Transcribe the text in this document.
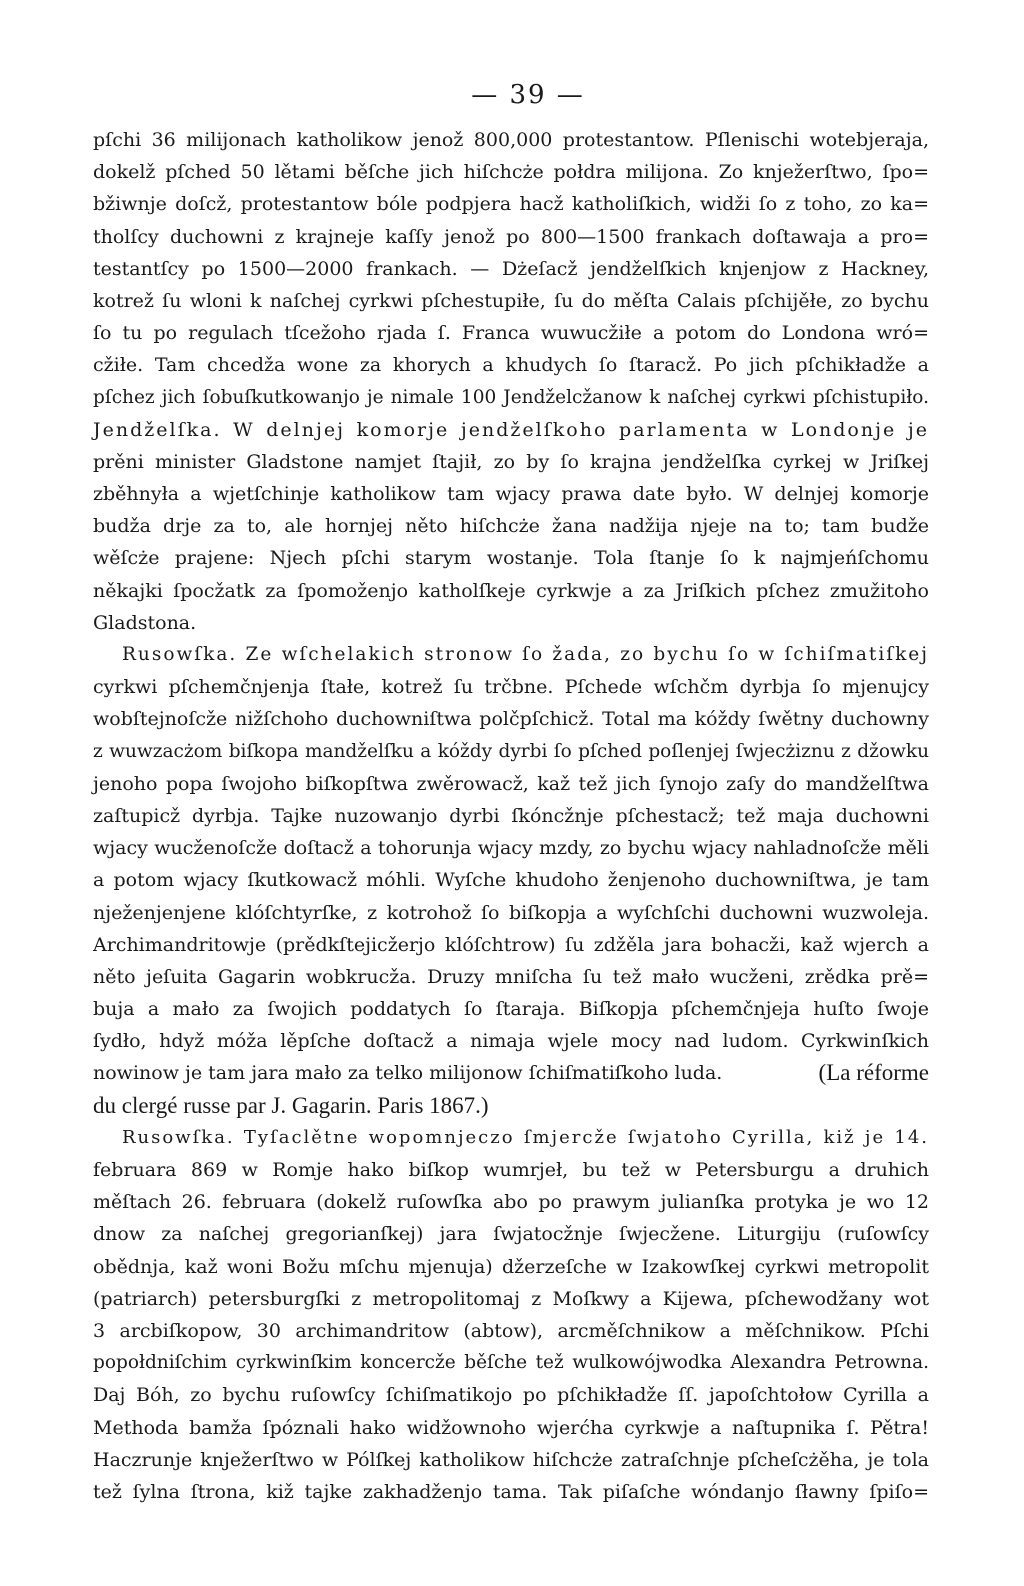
— 39 —
pſchi 36 milijonach katholikow jenož 800,000 protestantow. Pſlenischi wotebjeraja,
dokelž pſched 50 lětami běſche jich hiſchcże połdra milijona. Zo knježerſtwo, ſpo=
bžiwnje doſcž, protestantow bóle podpjera hacž katholiſkich, widži ſo z toho, zo ka=
tholſcy duchowni z krajneje kaſſy jenož po 800—1500 frankach doſtawaja a pro=
testantſcy po 1500—2000 frankach. — Dżeſacž jendželſkich knjenjow z Hackney,
kotrež ſu wloni k naſchej cyrkwi pſchestupiłe, ſu do měſta Calais pſchijěłe, zo bychu
ſo tu po regulach tſcežoho rjada ſ. Franca wuwucžiłe a potom do Londona wró=
cžiłe. Tam chcedža wone za khorych a khudych ſo ſtaracž. Po jich pſchikładže a
pſchez jich ſobuſkutkowanjo je nimale 100 Jendželcžanow k naſchej cyrkwi pſchistupiło.
Jendželſka. W delnjej komorje jendželſkoho parlamenta w Londonje je
prěni minister Gladstone namjet ſtajił, zo by ſo krajna jendželſka cyrkej w Jriſkej
zběhnyła a wjetſchinje katholikow tam wjacy prawa date było. W delnjej komorje
budža drje za to, ale hornjej něto hiſchcże žana nadžija njeje na to; tam budže
wěſcże prajene: Njech pſchi starym wostanje. Tola ſtanje ſo k najmjeńſchomu
někajki ſpocžatk za ſpomoženjo katholſkeje cyrkwje a za Jriſkich pſchez zmužitoho
Gladstona.
Rusowſka. Ze wſchelakich stronow ſo žada, zo bychu ſo w ſchiſmatiſkej
cyrkwi pſchemčnjenja ſtałe, kotrež ſu trčbne. Pſchede wſchčm dyrbja ſo mjenujcy
wobſtejnoſcže nižſchoho duchowniſtwa polčpſchicž. Total ma kóždy ſwětny duchowny
z wuwzacżom biſkopa mandželſku a kóždy dyrbi ſo pſched poſlenjej ſwjecżiznu z džowku
jenoho popa ſwojoho biſkopſtwa zwěrowacž, kaž tež jich ſynojo zaſy do mandželſtwa
zaſtupicž dyrbja. Tajke nuzowanjo dyrbi ſkóncžnje pſchestacž; tež maja duchowni
wjacy wucženoſcže doſtacž a tohorunja wjacy mzdy, zo bychu wjacy nahladnoſcže měli
a potom wjacy ſkutkowacž móhli. Wyſche khudoho ženjenoho duchowniſtwa, je tam
nježenjenjene klóſchtyrſke, z kotrohož ſo biſkopja a wyſchſchi duchowni wuzwoleja.
Archimandritowje (prědkſtejicžerjo klóſchtrow) ſu zdžěla jara bohacži, kaž wjerch a
něto jeſuita Gagarin wobkrucža. Druzy mniſcha ſu tež mało wucženi, zrědka prě=
buja a mało za ſwojich poddatych ſo ſtaraja. Biſkopja pſchemčnjeja huſto ſwoje
ſydło, hdyž móža lěpſche doſtacž a nimaja wjele mocy nad ludom. Cyrkwinſkich
nowinow je tam jara mało za telko milijonow ſchiſmatiſkoho luda.	(La réforme
du clergé russe par J. Gagarin. Paris 1867.)
Rusowſka. Tyſaclětne wopomnjeczo ſmjercže ſwjatoho Cyrilla, kiž je 14.
februara 869 w Romje hako biſkop wumrjeł, bu tež w Petersburgu a druhich
měſtach 26. februara (dokelž ruſowſka abo po prawym julianſka protyka je wo 12
dnow za naſchej gregorianſkej) jara ſwjatocžnje ſwjecžene. Liturgiju (ruſowſcy
obědnja, kaž woni Božu mſchu mjenuja) džerzeſche w Izakowſkej cyrkwi metropolit
(patriarch) petersburgſki z metropolitomaj z Moſkwy a Kijewa, pſchewodžany wot
3 arcbiſkopow, 30 archimandritow (abtow), arcměſchnikow a měſchnikow. Pſchi
popołdniſchim cyrkwinſkim koncercže běſche tež wulkowójwodka Alexandra Petrowna.
Daj Bóh, zo bychu ruſowſcy ſchiſmatikojo po pſchikładže ſſ. japoſchtołow Cyrilla a
Methoda bamža ſpóznali hako widžownoho wjerćha cyrkwje a naſtupnika ſ. Pětra!
Haczrunje knježerſtwo w Pólſkej katholikow hiſchcże zatraſchnje pſcheſcżěha, je tola
tež ſylna ſtrona, kiž tajke zakhadženjo tama. Tak piſaſche wóndanjo ſławny ſpiſo=
